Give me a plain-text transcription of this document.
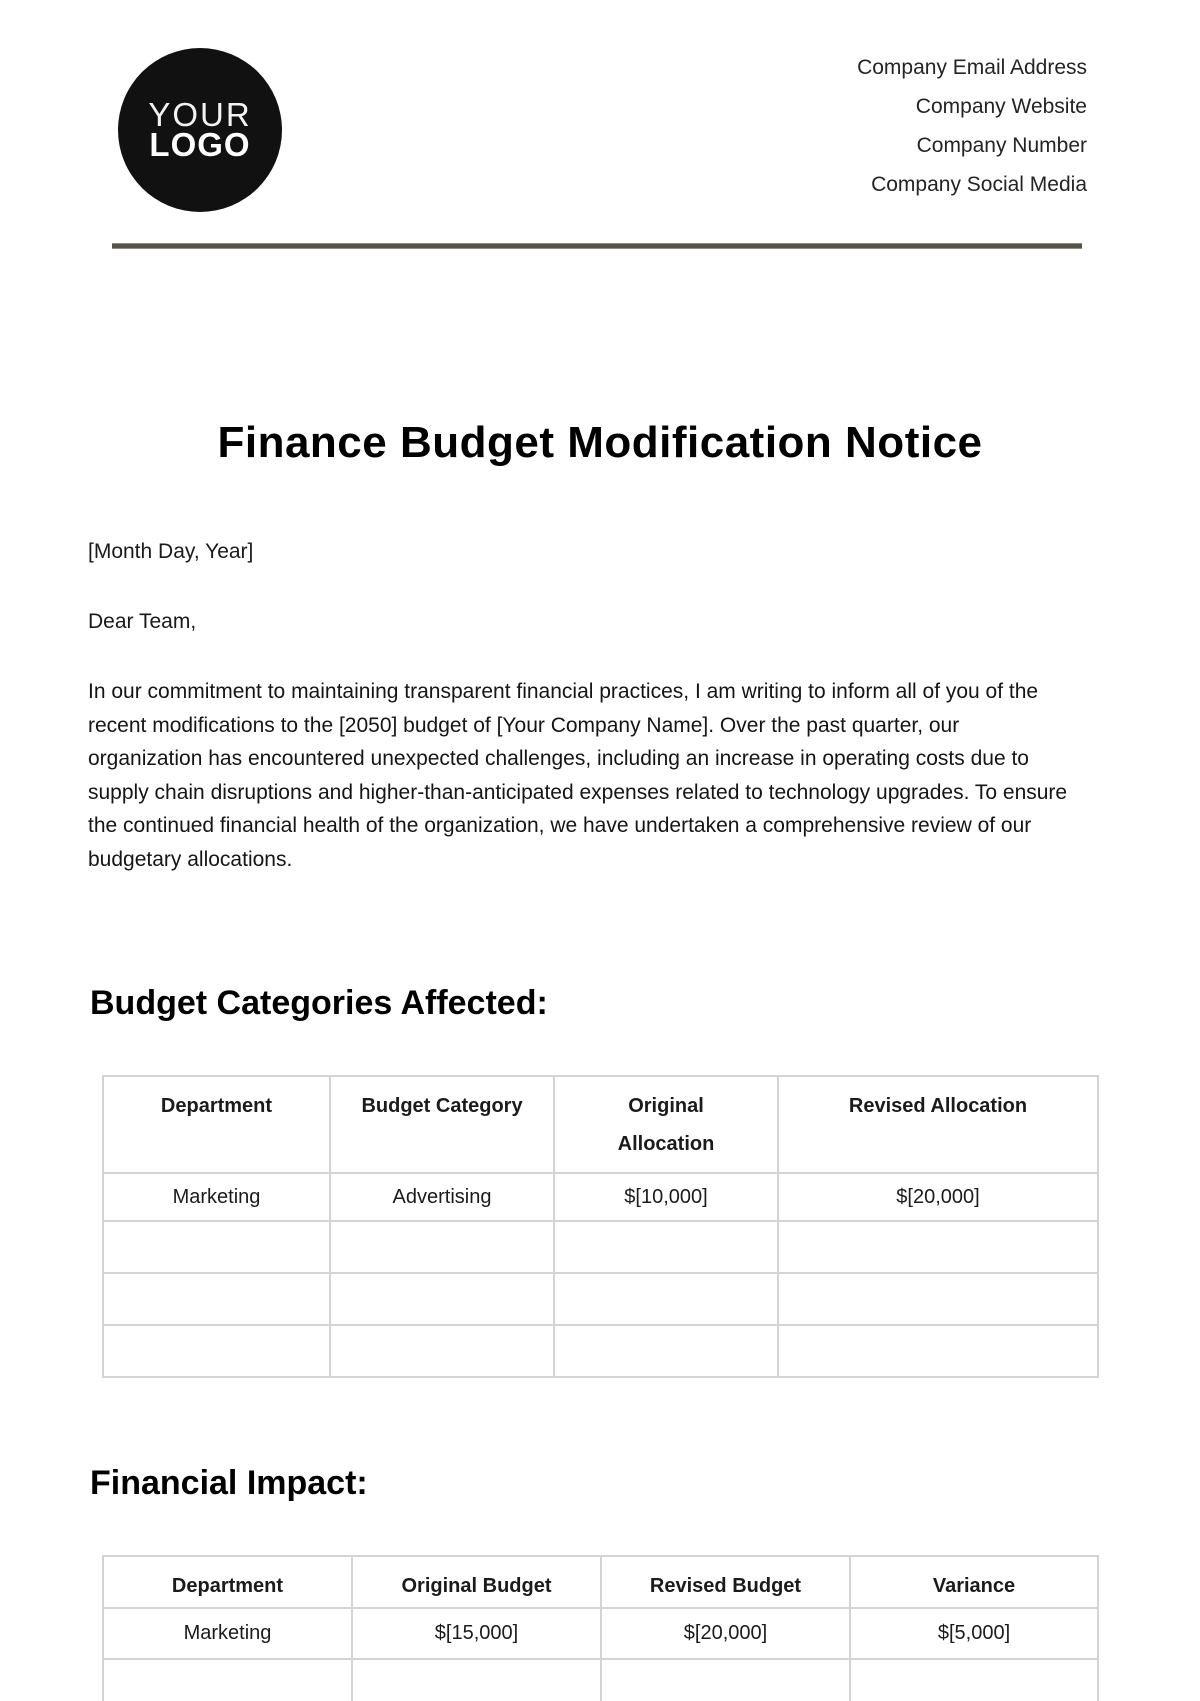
YOUR
LOGO
Company Email Address
Company Website
Company Number
Company Social Media
Finance Budget Modification Notice
[Month Day, Year]
Dear Team,

In our commitment to maintaining transparent financial practices, I am writing to inform all of you of the recent modifications to the [2050] budget of [Your Company Name]. Over the past quarter, our organization has encountered unexpected challenges, including an increase in operating costs due to supply chain disruptions and higher-than-anticipated expenses related to technology upgrades. To ensure the continued financial health of the organization, we have undertaken a comprehensive review of our budgetary allocations.

Budget Categories Affected:
Department	Budget Category	Original Allocation	Revised Allocation
Marketing	Advertising	$[10,000]	$[20,000]

Financial Impact:
Department	Original Budget	Revised Budget	Variance
Marketing	$[15,000]	$[20,000]	$[5,000]
